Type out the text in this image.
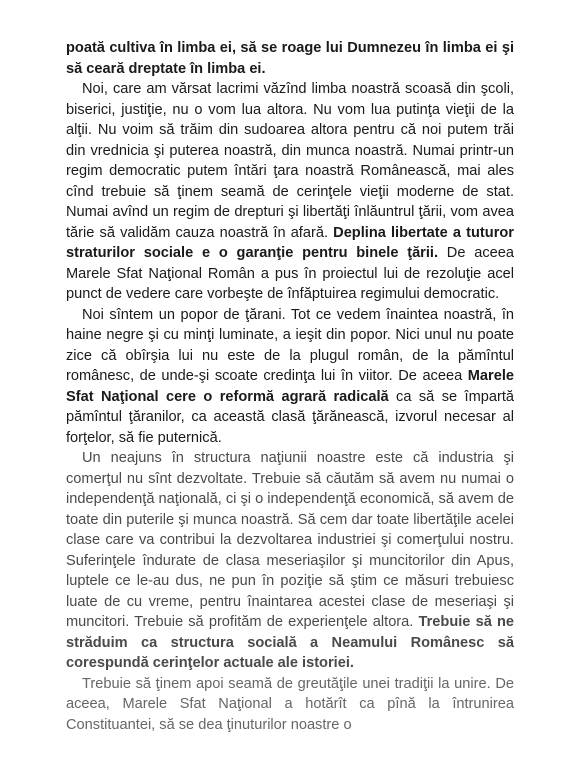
poată cultiva în limba ei, să se roage lui Dumnezeu în limba ei şi să ceară dreptate în limba ei.

Noi, care am vărsat lacrimi văzînd limba noastră scoasă din şcoli, biserici, justiţie, nu o vom lua altora. Nu vom lua putinţa vieţii de la alţii. Nu voim să trăim din sudoarea altora pentru că noi putem trăi din vrednicia şi puterea noastră, din munca noastră. Numai printr-un regim democratic putem întări ţara noastră Românească, mai ales cînd trebuie să ţinem seamă de cerinţele vieţii moderne de stat. Numai avînd un regim de drepturi şi libertăţi înlăuntrul ţării, vom avea tărie să validăm cauza noastră în afară. Deplina libertate a tuturor straturilor sociale e o garanţie pentru binele ţării. De aceea Marele Sfat Naţional Român a pus în proiectul lui de rezoluţie acel punct de vedere care vorbeşte de înfăptuirea regimului democratic.

Noi sîntem un popor de ţărani. Tot ce vedem înaintea noastră, în haine negre şi cu minţi luminate, a ieşit din popor. Nici unul nu poate zice că obîrşia lui nu este de la plugul român, de la pămîntul românesc, de unde-şi scoate credinţa lui în viitor. De aceea Marele Sfat Naţional cere o reformă agrară radicală ca să se împartă pămîntul ţăranilor, ca această clasă ţărănească, izvorul necesar al forţelor, să fie puternică.

Un neajuns în structura naţiunii noastre este că industria şi comerţul nu sînt dezvoltate. Trebuie să căutăm să avem nu numai o independenţă naţională, ci şi o independenţă economică, să avem de toate din puterile şi munca noastră. Să cem dar toate libertăţile acelei clase care va contribui la dezvoltarea industriei şi comerţului nostru. Suferinţele îndurate de clasa meseriaşilor şi muncitorilor din Apus, luptele ce le-au dus, ne pun în poziţie să ştim ce măsuri trebuiesc luate de cu vreme, pentru înaintarea acestei clase de meseriaşi şi muncitori. Trebuie să profităm de experienţele altora. Trebuie să ne străduim ca structura socială a Neamului Românesc să corespundă cerinţelor actuale ale istoriei.

Trebuie să ţinem apoi seamă de greutăţile unei tradiţii la unire. De aceea, Marele Sfat Naţional a hotărît ca pînă la întrunirea Constituantei, să se dea ţinuturilor noastre o
